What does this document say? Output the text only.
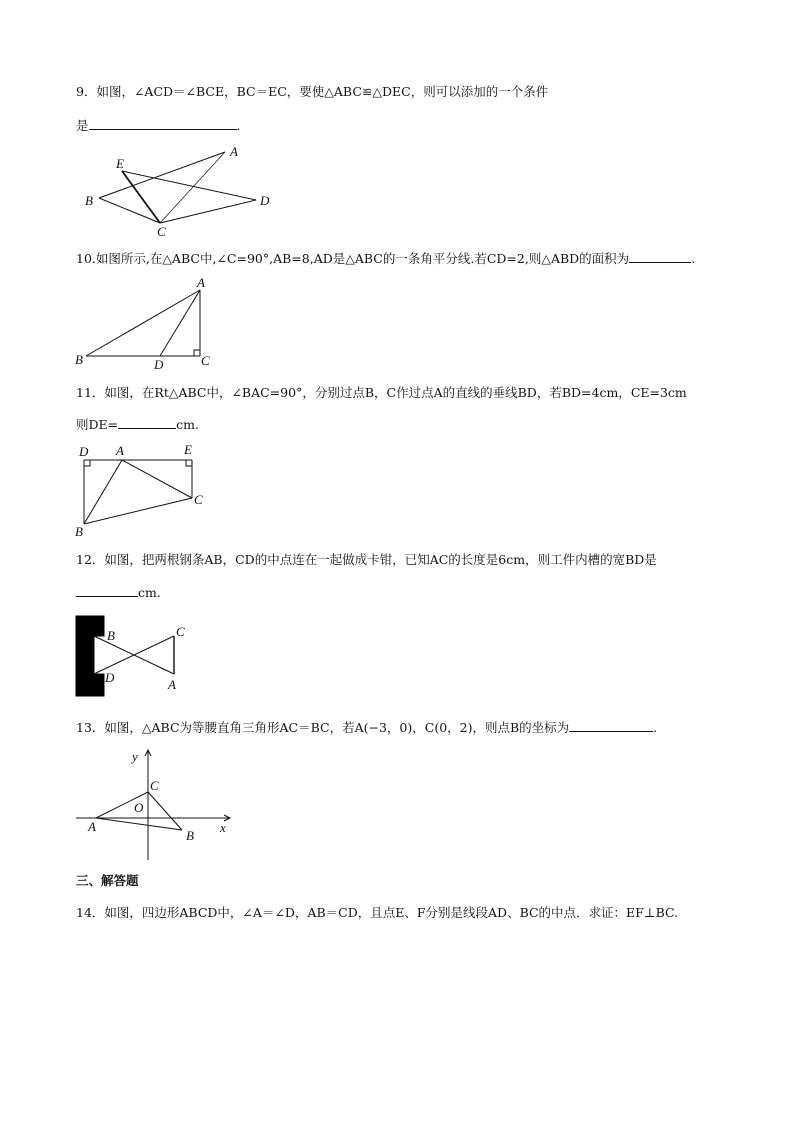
9．如图，∠ACD＝∠BCE，BC＝EC，要使△ABC≌△DEC，则可以添加的一个条件
是	．
E
A
B
C
D
10.如图所示,在△ABC中,∠C=90°,AB=8,AD是△ABC的一条角平分线.若CD=2,则△ABD的面积为	.
A
B	D	C
11．如图，在Rt△ABC中，∠BAC=90°，分别过点B，C作过点A的直线的垂线BD，若BD=4cm，CE=3cm
则DE=	cm.
D A	E
C
B
12．如图，把两根钢条AB，CD的中点连在一起做成卡钳，已知AC的长度是6cm，则工件内槽的宽BD是
cm.
B	C
D	A
13．如图，△ABC为等腰直角三角形AC＝BC，若A(−3，0)，C(0，2)，则点B的坐标为	.
y
C
O
A
B
x
三、解答题
14．如图，四边形ABCD中，∠A＝∠D，AB＝CD，且点E、F分别是线段AD、BC的中点．求证：EF⊥BC.
